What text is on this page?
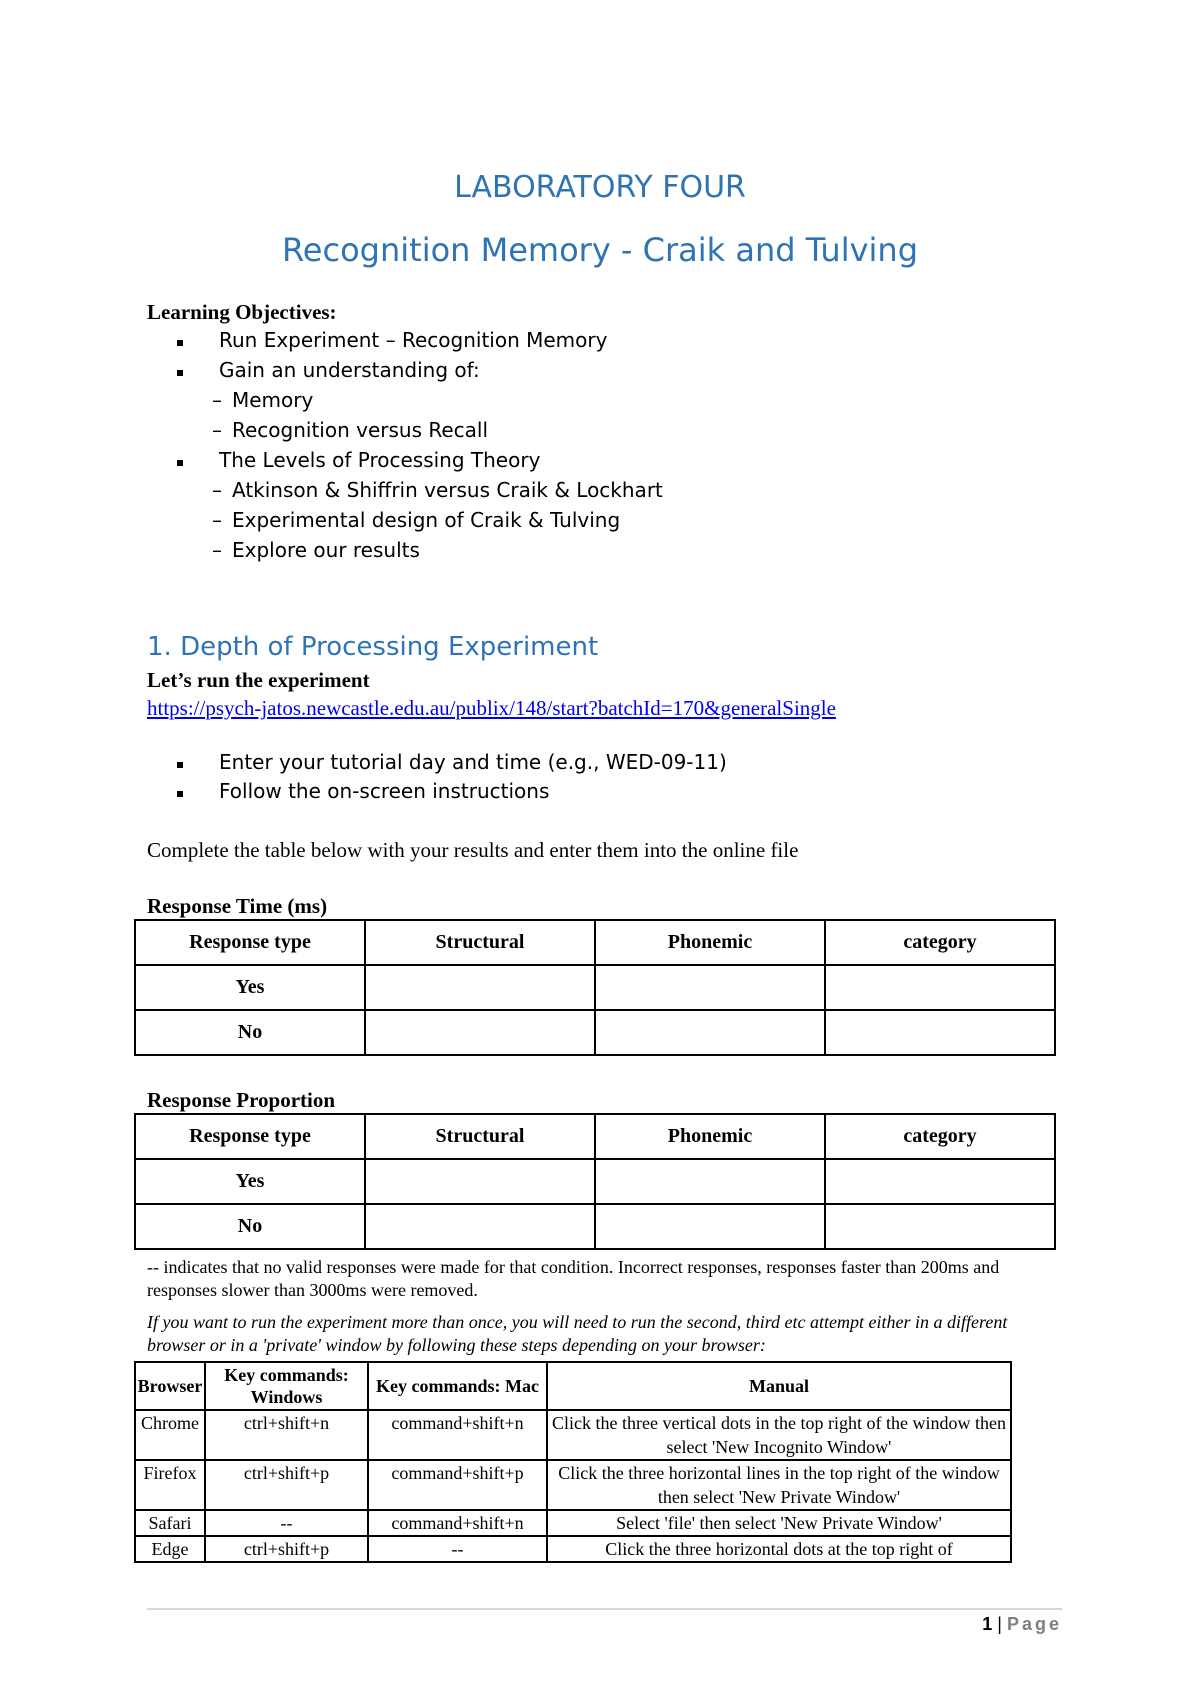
LABORATORY FOUR
Recognition Memory - Craik and Tulving
Learning Objectives:
Run Experiment – Recognition Memory
Gain an understanding of:
– Memory
– Recognition versus Recall
The Levels of Processing Theory
– Atkinson & Shiffrin versus Craik & Lockhart
– Experimental design of Craik & Tulving
– Explore our results
1. Depth of Processing Experiment
Let’s run the experiment
https://psych-jatos.newcastle.edu.au/publix/148/start?batchId=170&generalSingle
Enter your tutorial day and time (e.g., WED-09-11)
Follow the on-screen instructions
Complete the table below with your results and enter them into the online file
Response Time (ms)
Response type	Structural	Phonemic	category
Yes			
No			
Response Proportion
Response type	Structural	Phonemic	category
Yes			
No			
-- indicates that no valid responses were made for that condition. Incorrect responses, responses faster than 200ms and responses slower than 3000ms were removed.
If you want to run the experiment more than once, you will need to run the second, third etc attempt either in a different browser or in a 'private' window by following these steps depending on your browser:
Browser	Key commands: Windows	Key commands: Mac	Manual
Chrome	ctrl+shift+n	command+shift+n	Click the three vertical dots in the top right of the window then select 'New Incognito Window'
Firefox	ctrl+shift+p	command+shift+p	Click the three horizontal lines in the top right of the window then select 'New Private Window'
Safari	--	command+shift+n	Select 'file' then select 'New Private Window'
Edge	ctrl+shift+p	--	Click the three horizontal dots at the top right of
1 | Page
